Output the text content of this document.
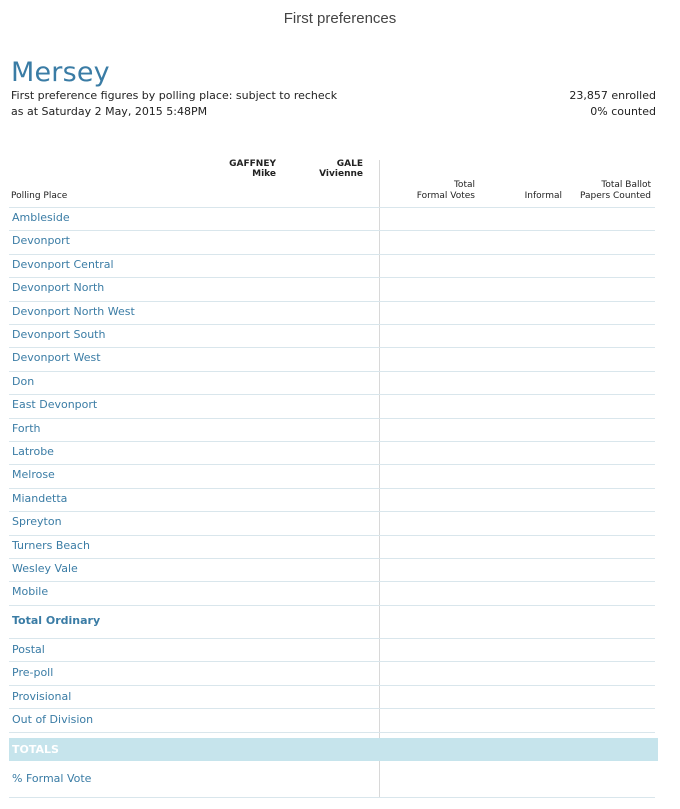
First preferences
Mersey
First preference figures by polling place: subject to recheck
as at Saturday 2 May, 2015 5:48PM
23,857 enrolled
0% counted
GAFFNEY
Mike
GALE
Vivienne
Polling Place
Total
Formal Votes	Informal
Total Ballot
Papers Counted
Ambleside
Devonport
Devonport Central
Devonport North
Devonport North West
Devonport South
Devonport West
Don
East Devonport
Forth
Latrobe
Melrose
Miandetta
Spreyton
Turners Beach
Wesley Vale
Mobile
Total Ordinary
Postal
Pre-poll
Provisional
Out of Division
TOTALS
% Formal Vote
